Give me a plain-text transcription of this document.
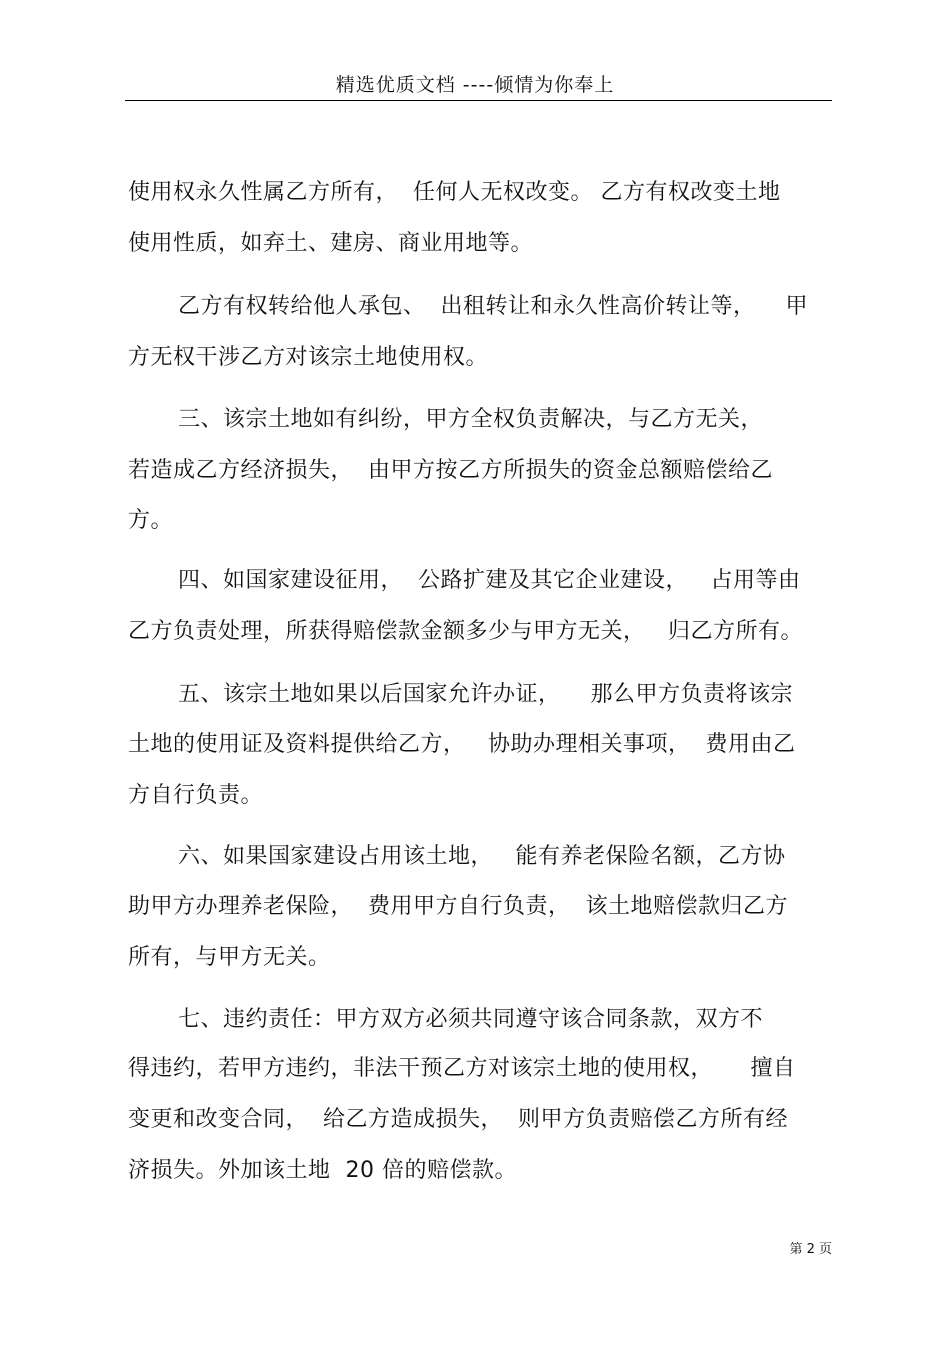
精选优质文档 ----倾情为你奉上
使用权永久性属乙方所有，  任何人无权改变。 乙方有权改变土地
使用性质，如弃土、建房、商业用地等。
乙方有权转给他人承包、  出租转让和永久性高价转让等，    甲
方无权干涉乙方对该宗土地使用权。
三、该宗土地如有纠纷，甲方全权负责解决，与乙方无关，
若造成乙方经济损失，  由甲方按乙方所损失的资金总额赔偿给乙
方。
四、如国家建设征用，  公路扩建及其它企业建设，   占用等由
乙方负责处理，所获得赔偿款金额多少与甲方无关，   归乙方所有。
五、该宗土地如果以后国家允许办证，    那么甲方负责将该宗
土地的使用证及资料提供给乙方，   协助办理相关事项，  费用由乙
方自行负责。
六、如果国家建设占用该土地，   能有养老保险名额，乙方协
助甲方办理养老保险，  费用甲方自行负责，  该土地赔偿款归乙方
所有，与甲方无关。
七、违约责任：甲方双方必须共同遵守该合同条款，双方不
得违约，若甲方违约，非法干预乙方对该宗土地的使用权，     擅自
变更和改变合同，  给乙方造成损失，  则甲方负责赔偿乙方所有经
济损失。外加该土地  20 倍的赔偿款。
第 2 页
